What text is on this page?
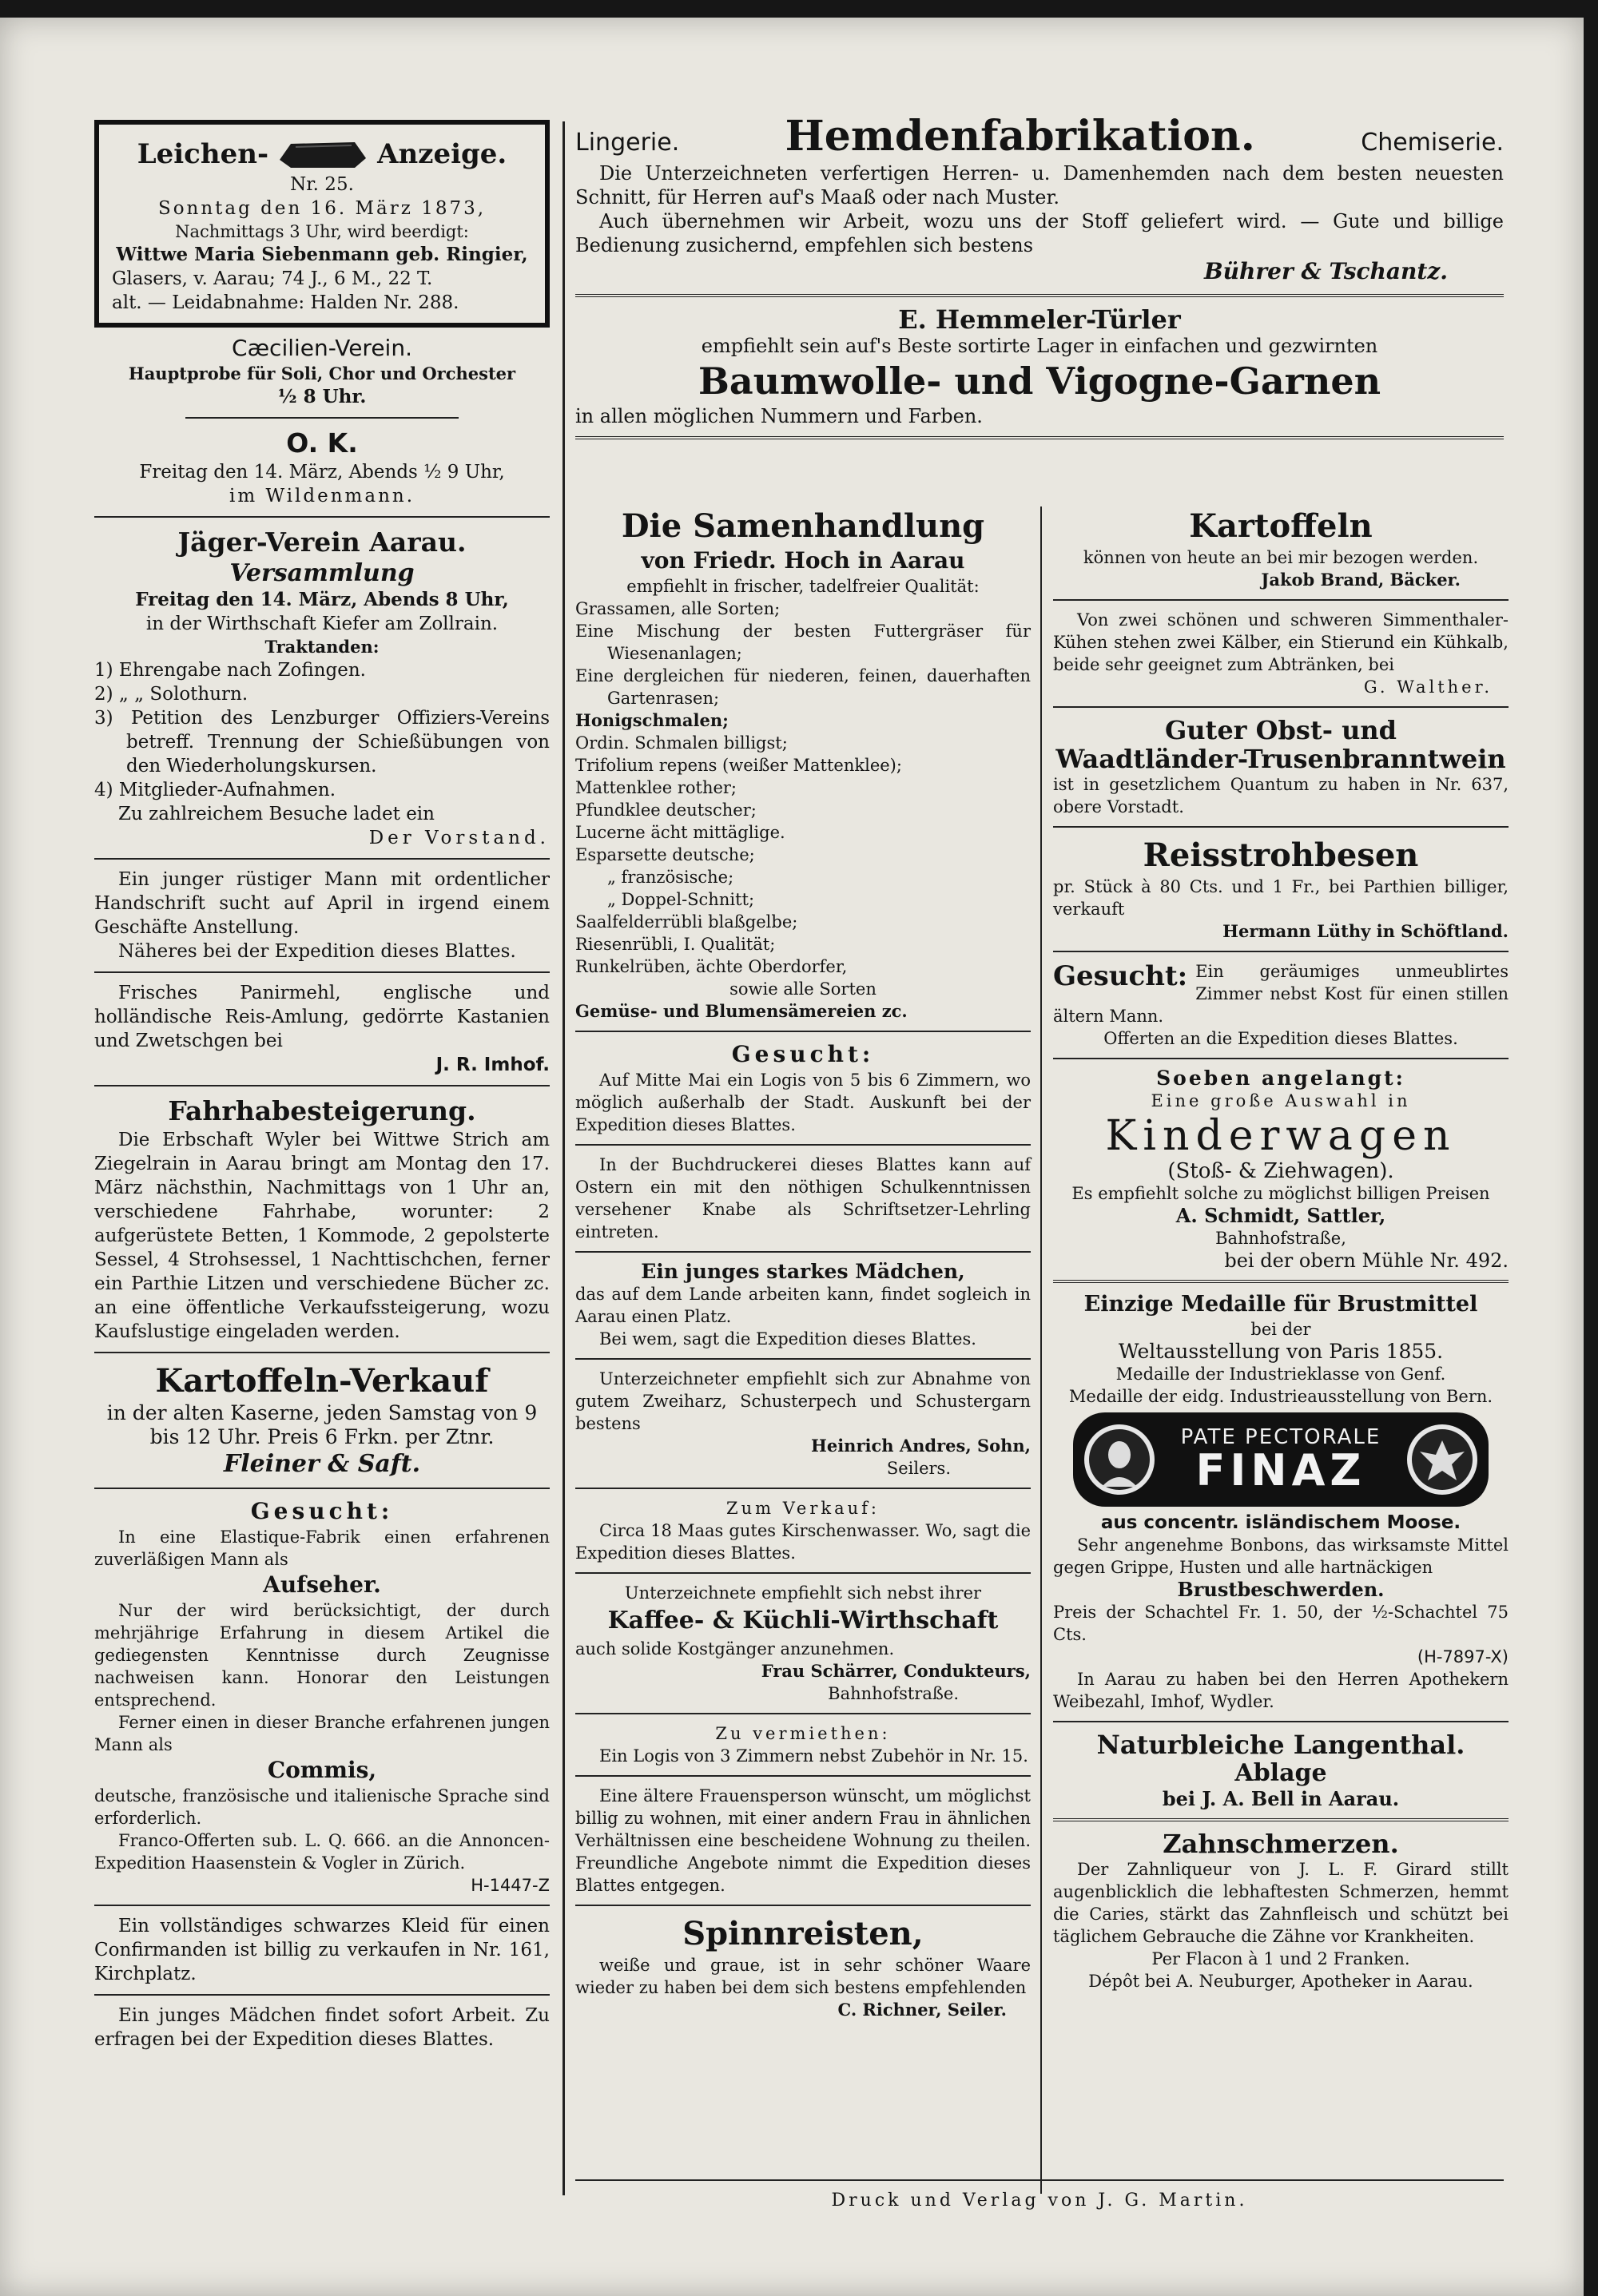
Leichen-	Anzeige.

Nr. 25.

Sonntag den 16. März 1873,

Nachmittags 3 Uhr, wird beerdigt:

Wittwe Maria Siebenmann geb. Ringier,

Glasers, v. Aarau; 74 J., 6 M., 22 T.

alt. — Leidabnahme: Halden Nr. 288.

Cæcilien-Verein.

Hauptprobe für Soli, Chor und Orchester

½ 8 Uhr.

O. K.

Freitag den 14. März, Abends ½ 9 Uhr,

im Wildenmann.

Jäger-Verein Aarau.

Versammlung

Freitag den 14. März, Abends 8 Uhr,

in der Wirthschaft Kiefer am Zollrain.

Traktanden:

1) Ehrengabe nach Zofingen.

2) „ „ Solothurn.

3) Petition des Lenzburger Offiziers-Vereins betreff. Trennung der Schießübungen von den Wiederholungskursen.

4) Mitglieder-Aufnahmen.

Zu zahlreichem Besuche ladet ein

Der Vorstand.

Ein junger rüstiger Mann mit ordentlicher Handschrift sucht auf April in irgend einem Geschäfte Anstellung.

Näheres bei der Expedition dieses Blattes.

Frisches Panirmehl, englische und holländische Reis-Amlung, gedörrte Kastanien und Zwetschgen bei

J. R. Imhof.

Fahrhabesteigerung.

Die Erbschaft Wyler bei Wittwe Strich am Ziegelrain in Aarau bringt am Montag den 17. März nächsthin, Nachmittags von 1 Uhr an, verschiedene Fahrhabe, worunter: 2 aufgerüstete Betten, 1 Kommode, 2 gepolsterte Sessel, 4 Strohsessel, 1 Nachttischchen, ferner ein Parthie Litzen und verschiedene Bücher zc. an eine öffentliche Verkaufssteigerung, wozu Kaufslustige eingeladen werden.

Kartoffeln-Verkauf

in der alten Kaserne, jeden Samstag von 9 bis 12 Uhr. Preis 6 Frkn. per Ztnr.

Fleiner & Saft.

Gesucht:

In eine Elastique-Fabrik einen erfahrenen zuverläßigen Mann als

Aufseher.

Nur der wird berücksichtigt, der durch mehrjährige Erfahrung in diesem Artikel die gediegensten Kenntnisse durch Zeugnisse nachweisen kann. Honorar den Leistungen entsprechend.

Ferner einen in dieser Branche erfahrenen jungen Mann als

Commis,

deutsche, französische und italienische Sprache sind erforderlich.

Franco-Offerten sub. L. Q. 666. an die Annoncen-Expedition Haasenstein & Vogler in Zürich.

H-1447-Z

Ein vollständiges schwarzes Kleid für einen Confirmanden ist billig zu verkaufen in Nr. 161, Kirchplatz.

Ein junges Mädchen findet sofort Arbeit. Zu erfragen bei der Expedition dieses Blattes.

Lingerie.	Hemdenfabrikation.	Chemiserie.

Die Unterzeichneten verfertigen Herren- u. Damenhemden nach dem besten neuesten Schnitt, für Herren auf's Maaß oder nach Muster.

Auch übernehmen wir Arbeit, wozu uns der Stoff geliefert wird. — Gute und billige Bedienung zusichernd, empfehlen sich bestens

Bührer & Tschantz.

E. Hemmeler-Türler

empfiehlt sein auf's Beste sortirte Lager in einfachen und gezwirnten

Baumwolle- und Vigogne-Garnen

in allen möglichen Nummern und Farben.

Die Samenhandlung

von Friedr. Hoch in Aarau

empfiehlt in frischer, tadelfreier Qualität:

Grassamen, alle Sorten;

Eine Mischung der besten Futtergräser für Wiesenanlagen;

Eine dergleichen für niederen, feinen, dauerhaften Gartenrasen;

Honigschmalen;

Ordin. Schmalen billigst;

Trifolium repens (weißer Mattenklee);

Mattenklee rother;

Pfundklee deutscher;

Lucerne ächt mittäglige.

Esparsette deutsche;

„ französische;

„ Doppel-Schnitt;

Saalfelderrübli blaßgelbe;

Riesenrübli, I. Qualität;

Runkelrüben, ächte Oberdorfer,

sowie alle Sorten

Gemüse- und Blumensämereien zc.

Gesucht:

Auf Mitte Mai ein Logis von 5 bis 6 Zimmern, wo möglich außerhalb der Stadt. Auskunft bei der Expedition dieses Blattes.

In der Buchdruckerei dieses Blattes kann auf Ostern ein mit den nöthigen Schulkenntnissen versehener Knabe als Schriftsetzer-Lehrling eintreten.

Ein junges starkes Mädchen,

das auf dem Lande arbeiten kann, findet sogleich in Aarau einen Platz.

Bei wem, sagt die Expedition dieses Blattes.

Unterzeichneter empfiehlt sich zur Abnahme von gutem Zweiharz, Schusterpech und Schustergarn bestens

Heinrich Andres, Sohn,

Seilers.

Zum Verkauf:

Circa 18 Maas gutes Kirschenwasser. Wo, sagt die Expedition dieses Blattes.

Unterzeichnete empfiehlt sich nebst ihrer

Kaffee- & Küchli-Wirthschaft

auch solide Kostgänger anzunehmen.

Frau Schärrer, Condukteurs,

Bahnhofstraße.

Zu vermiethen:

Ein Logis von 3 Zimmern nebst Zubehör in Nr. 15.

Eine ältere Frauensperson wünscht, um möglichst billig zu wohnen, mit einer andern Frau in ähnlichen Verhältnissen eine bescheidene Wohnung zu theilen. Freundliche Angebote nimmt die Expedition dieses Blattes entgegen.

Spinnreisten,

weiße und graue, ist in sehr schöner Waare wieder zu haben bei dem sich bestens empfehlenden

C. Richner, Seiler.

Kartoffeln

können von heute an bei mir bezogen werden.

Jakob Brand, Bäcker.

Von zwei schönen und schweren Simmenthaler-Kühen stehen zwei Kälber, ein Stierund ein Kühkalb, beide sehr geeignet zum Abtränken, bei

G. Walther.

Guter Obst- und

Waadtländer-Trusenbranntwein

ist in gesetzlichem Quantum zu haben in Nr. 637, obere Vorstadt.

Reisstrohbesen

pr. Stück à 80 Cts. und 1 Fr., bei Parthien billiger, verkauft

Hermann Lüthy in Schöftland.

Gesucht: Ein geräumiges unmeublirtes Zimmer nebst Kost für einen stillen ältern Mann.

Offerten an die Expedition dieses Blattes.

Soeben angelangt:

Eine große Auswahl in

Kinderwagen

(Stoß- & Ziehwagen).

Es empfiehlt solche zu möglichst billigen Preisen

A. Schmidt, Sattler,

Bahnhofstraße,

bei der obern Mühle Nr. 492.

Einzige Medaille für Brustmittel

bei der

Weltausstellung von Paris 1855.

Medaille der Industrieklasse von Genf.

Medaille der eidg. Industrieausstellung von Bern.

PATE PECTORALE
FINAZ

aus concentr. isländischem Moose.

Sehr angenehme Bonbons, das wirksamste Mittel gegen Grippe, Husten und alle hartnäckigen

Brustbeschwerden.

Preis der Schachtel Fr. 1. 50, der ½-Schachtel 75 Cts.

(H-7897-X)

In Aarau zu haben bei den Herren Apothekern Weibezahl, Imhof, Wydler.

Naturbleiche Langenthal.

Ablage

bei J. A. Bell in Aarau.

Zahnschmerzen.

Der Zahnliqueur von J. L. F. Girard stillt augenblicklich die lebhaftesten Schmerzen, hemmt die Caries, stärkt das Zahnfleisch und schützt bei täglichem Gebrauche die Zähne vor Krankheiten.

Per Flacon à 1 und 2 Franken.

Dépôt bei A. Neuburger, Apotheker in Aarau.

Druck und Verlag von J. G. Martin.
